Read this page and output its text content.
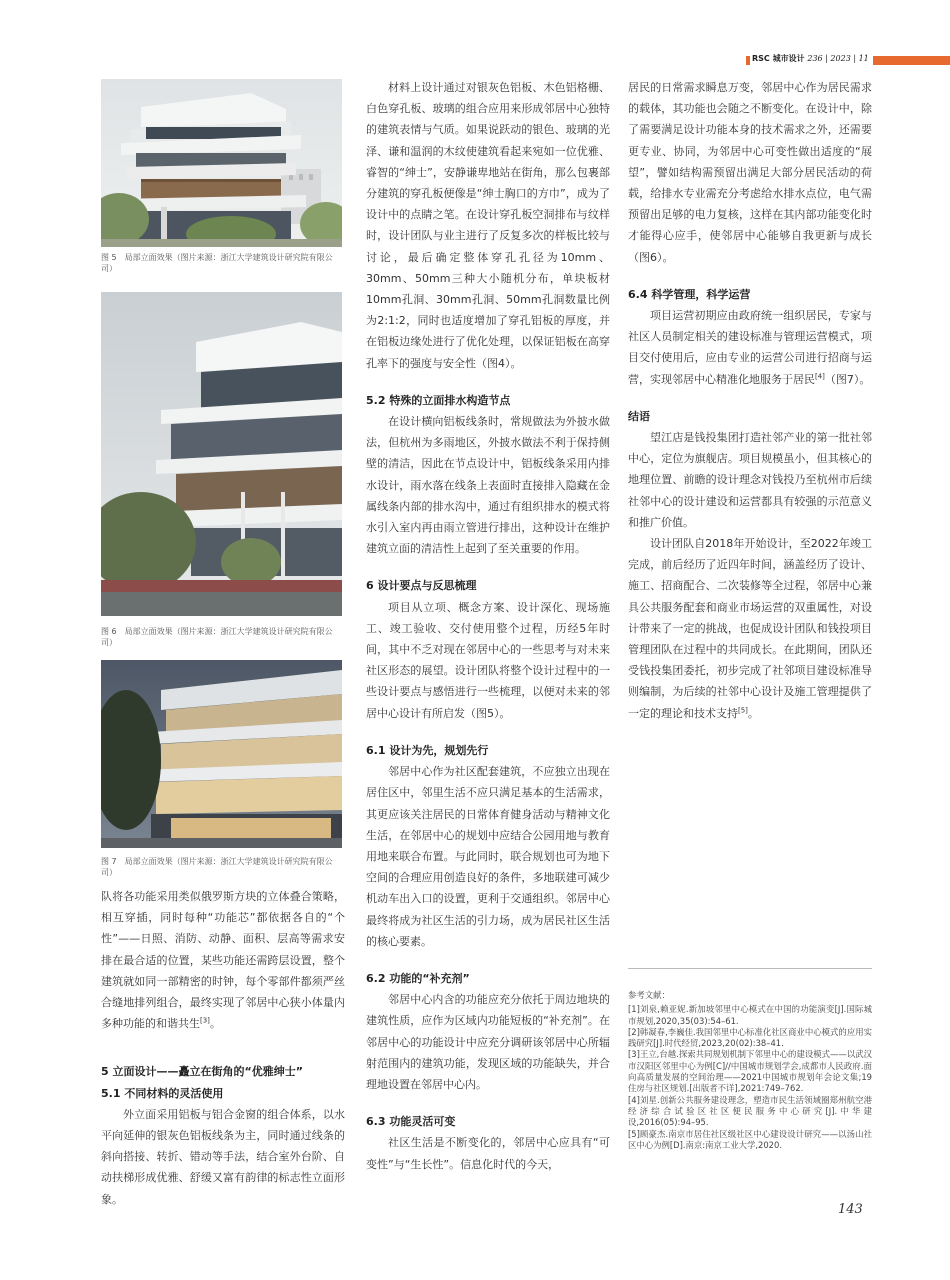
RSC 城市设计 236 | 2023 | 11
图 5　局部立面效果（图片来源：浙江大学建筑设计研究院有限公司）
图 6　局部立面效果（图片来源：浙江大学建筑设计研究院有限公司）
图 7　局部立面效果（图片来源：浙江大学建筑设计研究院有限公司）

队将各功能采用类似俄罗斯方块的立体叠合策略，相互穿插，同时每种“功能芯”都依据各自的“个性”——日照、消防、动静、面积、层高等需求安排在最合适的位置，某些功能还需跨层设置，整个建筑就如同一部精密的时钟，每个零部件都须严丝合缝地排列组合，最终实现了邻居中心狭小体量内多种功能的和谐共生[3]。

5 立面设计——矗立在街角的“优雅绅士”
5.1 不同材料的灵活使用

外立面采用铝板与铝合金窗的组合体系，以水平向延伸的银灰色铝板线条为主，同时通过线条的斜向搭接、转折、错动等手法，结合室外台阶、自动扶梯形成优雅、舒缓又富有韵律的标志性立面形象。

材料上设计通过对银灰色铝板、木色铝格栅、白色穿孔板、玻璃的组合应用来形成邻居中心独特的建筑表情与气质。如果说跃动的银色、玻璃的光泽、谦和温润的木纹使建筑看起来宛如一位优雅、睿智的“绅士”，安静谦卑地站在街角，那么包裹部分建筑的穿孔板便像是“绅士胸口的方巾”，成为了设计中的点睛之笔。在设计穿孔板空洞排布与纹样时，设计团队与业主进行了反复多次的样板比较与讨论，最后确定整体穿孔孔径为10mm、30mm、50mm三种大小随机分布，单块板材10mm孔洞、30mm孔洞、50mm孔洞数量比例为2:1:2，同时也适度增加了穿孔铝板的厚度，并在铝板边缘处进行了优化处理，以保证铝板在高穿孔率下的强度与安全性（图4）。

5.2 特殊的立面排水构造节点

在设计横向铝板线条时，常规做法为外披水做法，但杭州为多雨地区，外披水做法不利于保持侧壁的清洁，因此在节点设计中，铝板线条采用内排水设计，雨水落在线条上表面时直接排入隐藏在金属线条内部的排水沟中，通过有组织排水的模式将水引入室内再由雨立管进行排出，这种设计在维护建筑立面的清洁性上起到了至关重要的作用。

6 设计要点与反思梳理

项目从立项、概念方案、设计深化、现场施工、竣工验收、交付使用整个过程，历经5年时间，其中不乏对现在邻居中心的一些思考与对未来社区形态的展望。设计团队将整个设计过程中的一些设计要点与感悟进行一些梳理，以便对未来的邻居中心设计有所启发（图5）。

6.1 设计为先，规划先行

邻居中心作为社区配套建筑，不应独立出现在居住区中，邻里生活不应只满足基本的生活需求，其更应该关注居民的日常体育健身活动与精神文化生活，在邻居中心的规划中应结合公园用地与教育用地来联合布置。与此同时，联合规划也可为地下空间的合理应用创造良好的条件，多地联建可减少机动车出入口的设置，更利于交通组织。邻居中心最终将成为社区生活的引力场，成为居民社区生活的核心要素。

6.2 功能的“补充剂”

邻居中心内含的功能应充分依托于周边地块的建筑性质，应作为区域内功能短板的“补充剂”。在邻居中心的功能设计中应充分调研该邻居中心所辐射范围内的建筑功能，发现区域的功能缺失，并合理地设置在邻居中心内。

6.3 功能灵活可变

社区生活是不断变化的，邻居中心应具有“可变性”与“生长性”。信息化时代的今天，

居民的日常需求瞬息万变，邻居中心作为居民需求的载体，其功能也会随之不断变化。在设计中，除了需要满足设计功能本身的技术需求之外，还需要更专业、协同，为邻居中心可变性做出适度的“展望”，譬如结构需预留出满足大部分居民活动的荷载，给排水专业需充分考虑给水排水点位，电气需预留出足够的电力复核，这样在其内部功能变化时才能得心应手，使邻居中心能够自我更新与成长（图6）。

6.4 科学管理，科学运营

项目运营初期应由政府统一组织居民，专家与社区人员制定相关的建设标准与管理运营模式，项目交付使用后，应由专业的运营公司进行招商与运营，实现邻居中心精准化地服务于居民[4]（图7）。

结语

望江店是钱投集团打造社邻产业的第一批社邻中心，定位为旗舰店。项目规模虽小，但其核心的地理位置、前瞻的设计理念对钱投乃至杭州市后续社邻中心的设计建设和运营都具有较强的示范意义和推广价值。

设计团队自2018年开始设计，至2022年竣工完成，前后经历了近四年时间，涵盖经历了设计、施工、招商配合、二次装修等全过程，邻居中心兼具公共服务配套和商业市场运营的双重属性，对设计带来了一定的挑战，也促成设计团队和钱投项目管理团队在过程中的共同成长。在此期间，团队还受钱投集团委托，初步完成了社邻项目建设标准导则编制，为后续的社邻中心设计及施工管理提供了一定的理论和技术支持[5]。

参考文献：
[1]刘泉,赖亚妮.新加坡邻里中心模式在中国的功能演变[J].国际城市规划,2020,35(03):54–61.
[2]韩凝春,李巍佳.我国邻里中心标准化社区商业中心模式的应用实践研究[J].时代经贸,2023,20(02):38–41.
[3]王立,台越.探索共同规划机制下邻里中心的建设模式——以武汉市汉阳区邻里中心为例[C]//中国城市规划学会,成都市人民政府.面向高质量发展的空间治理——2021中国城市规划年会论文集;19住房与社区规划.[出版者不详],2021:749–762.
[4]刘星.创新公共服务建设理念，塑造市民生活领域圈郑州航空港经济综合试验区社区便民服务中心研究[J].中华建设,2016(05):94–95.
[5]顾豪杰.南京市居住社区级社区中心建设设计研究——以汤山社区中心为例[D].南京:南京工业大学,2020.
143
